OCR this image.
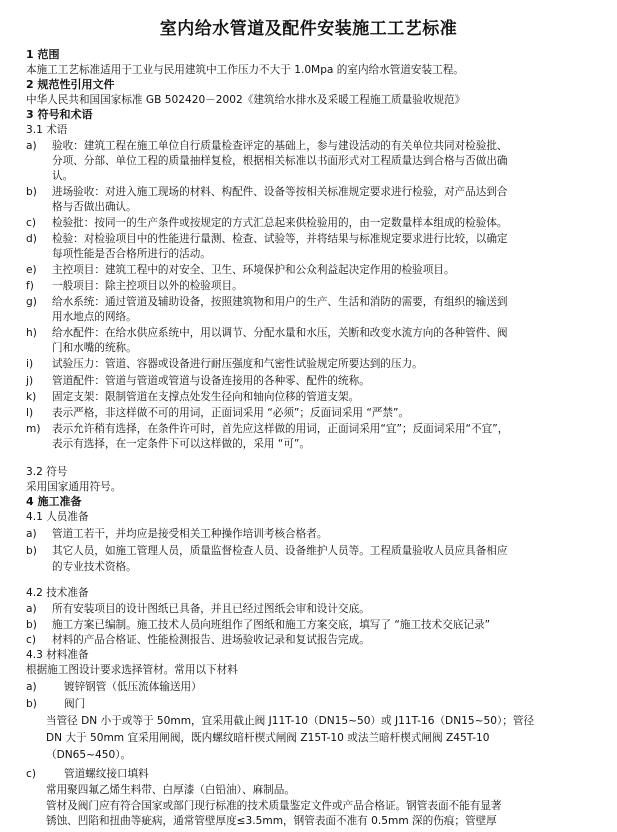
室内给水管道及配件安装施工工艺标准
1 范围
本施工工艺标准适用于工业与民用建筑中工作压力不大于 1.0Mpa 的室内给水管道安装工程。
2 规范性引用文件
中华人民共和国国家标准 GB 502420－2002《建筑给水排水及采暖工程施工质量验收规范》
3 符号和术语
3.1 术语
a) 验收：建筑工程在施工单位自行质量检查评定的基础上，参与建设活动的有关单位共同对检验批、
分项、分部、单位工程的质量抽样复检，根据相关标准以书面形式对工程质量达到合格与否做出确
认。
b) 进场验收：对进入施工现场的材料、构配件、设备等按相关标准规定要求进行检验，对产品达到合
格与否做出确认。
c) 检验批：按同一的生产条件或按规定的方式汇总起来供检验用的，由一定数量样本组成的检验体。
d) 检验：对检验项目中的性能进行量测、检查、试验等，并将结果与标准规定要求进行比较，以确定
每项性能是否合格所进行的活动。
e) 主控项目：建筑工程中的对安全、卫生、环境保护和公众利益起决定作用的检验项目。
f) 一般项目：除主控项目以外的检验项目。
g) 给水系统：通过管道及辅助设备，按照建筑物和用户的生产、生活和消防的需要，有组织的输送到
用水地点的网络。
h) 给水配件：在给水供应系统中，用以调节、分配水量和水压，关断和改变水流方向的各种管件、阀
门和水嘴的统称。
i) 试验压力：管道、容器或设备进行耐压强度和气密性试验规定所要达到的压力。
j) 管道配件：管道与管道或管道与设备连接用的各种零、配件的统称。
k) 固定支架：限制管道在支撑点处发生径向和轴向位移的管道支架。
l) 表示严格，非这样做不可的用词，正面词采用 “必须”；反面词采用 “严禁”。
m) 表示允许稍有选择，在条件许可时，首先应这样做的用词，正面词采用“宜”；反面词采用“不宜”，
表示有选择，在一定条件下可以这样做的，采用 “可”。
3.2 符号
采用国家通用符号。
4 施工准备
4.1 人员准备
a) 管道工若干，并均应是接受相关工种操作培训考核合格者。
b) 其它人员，如施工管理人员，质量监督检查人员、设备维护人员等。工程质量验收人员应具备相应
的专业技术资格。
4.2 技术准备
a) 所有安装项目的设计图纸已具备，并且已经过图纸会审和设计交底。
b) 施工方案已编制。施工技术人员向班组作了图纸和施工方案交底，填写了 “施工技术交底记录”
c) 材料的产品合格证、性能检测报告、进场验收记录和复试报告完成。
4.3 材料准备
根据施工图设计要求选择管材。常用以下材料
a)	镀锌钢管（低压流体输送用）
b)	阀门
当管径 DN 小于或等于 50mm，宜采用截止阀 J11T-10（DN15~50）或 J11T-16（DN15~50）；管径
DN 大于 50mm 宜采用闸阀，既内螺纹暗杆楔式闸阀 Z15T-10 或法兰暗杆楔式闸阀 Z45T-10
（DN65~450）。
c)	管道螺纹接口填料
常用聚四氟乙烯生料带、白厚漆（白铅油）、麻制品。
管材及阀门应有符合国家或部门现行标准的技术质量鉴定文件或产品合格证。钢管表面不能有显著
锈蚀、凹陷和扭曲等疵病，通常管壁厚度≤3.5mm，钢管表面不准有 0.5mm 深的伤痕；管壁厚
